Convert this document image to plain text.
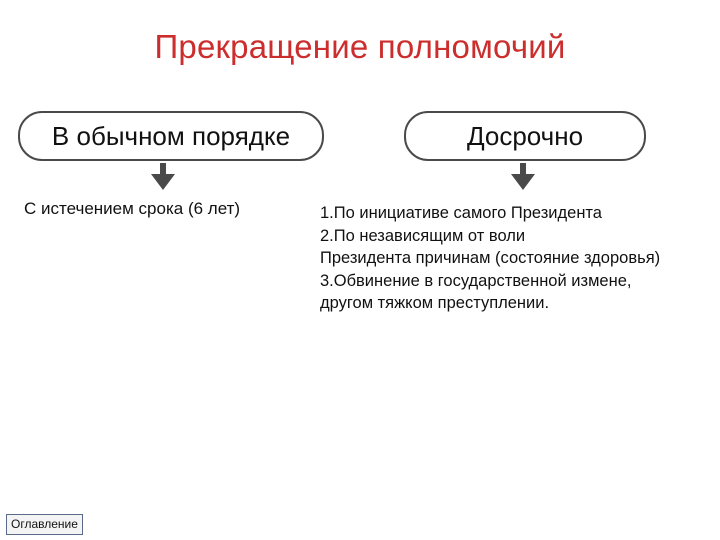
Прекращение полномочий
В обычном порядке	Досрочно
С истечением срока (6 лет)	1.По инициативе самого Президента
2.По независящим от воли
Президента причинам (состояние здоровья)
3.Обвинение в государственной измене,
другом тяжком преступлении.
Оглавление
